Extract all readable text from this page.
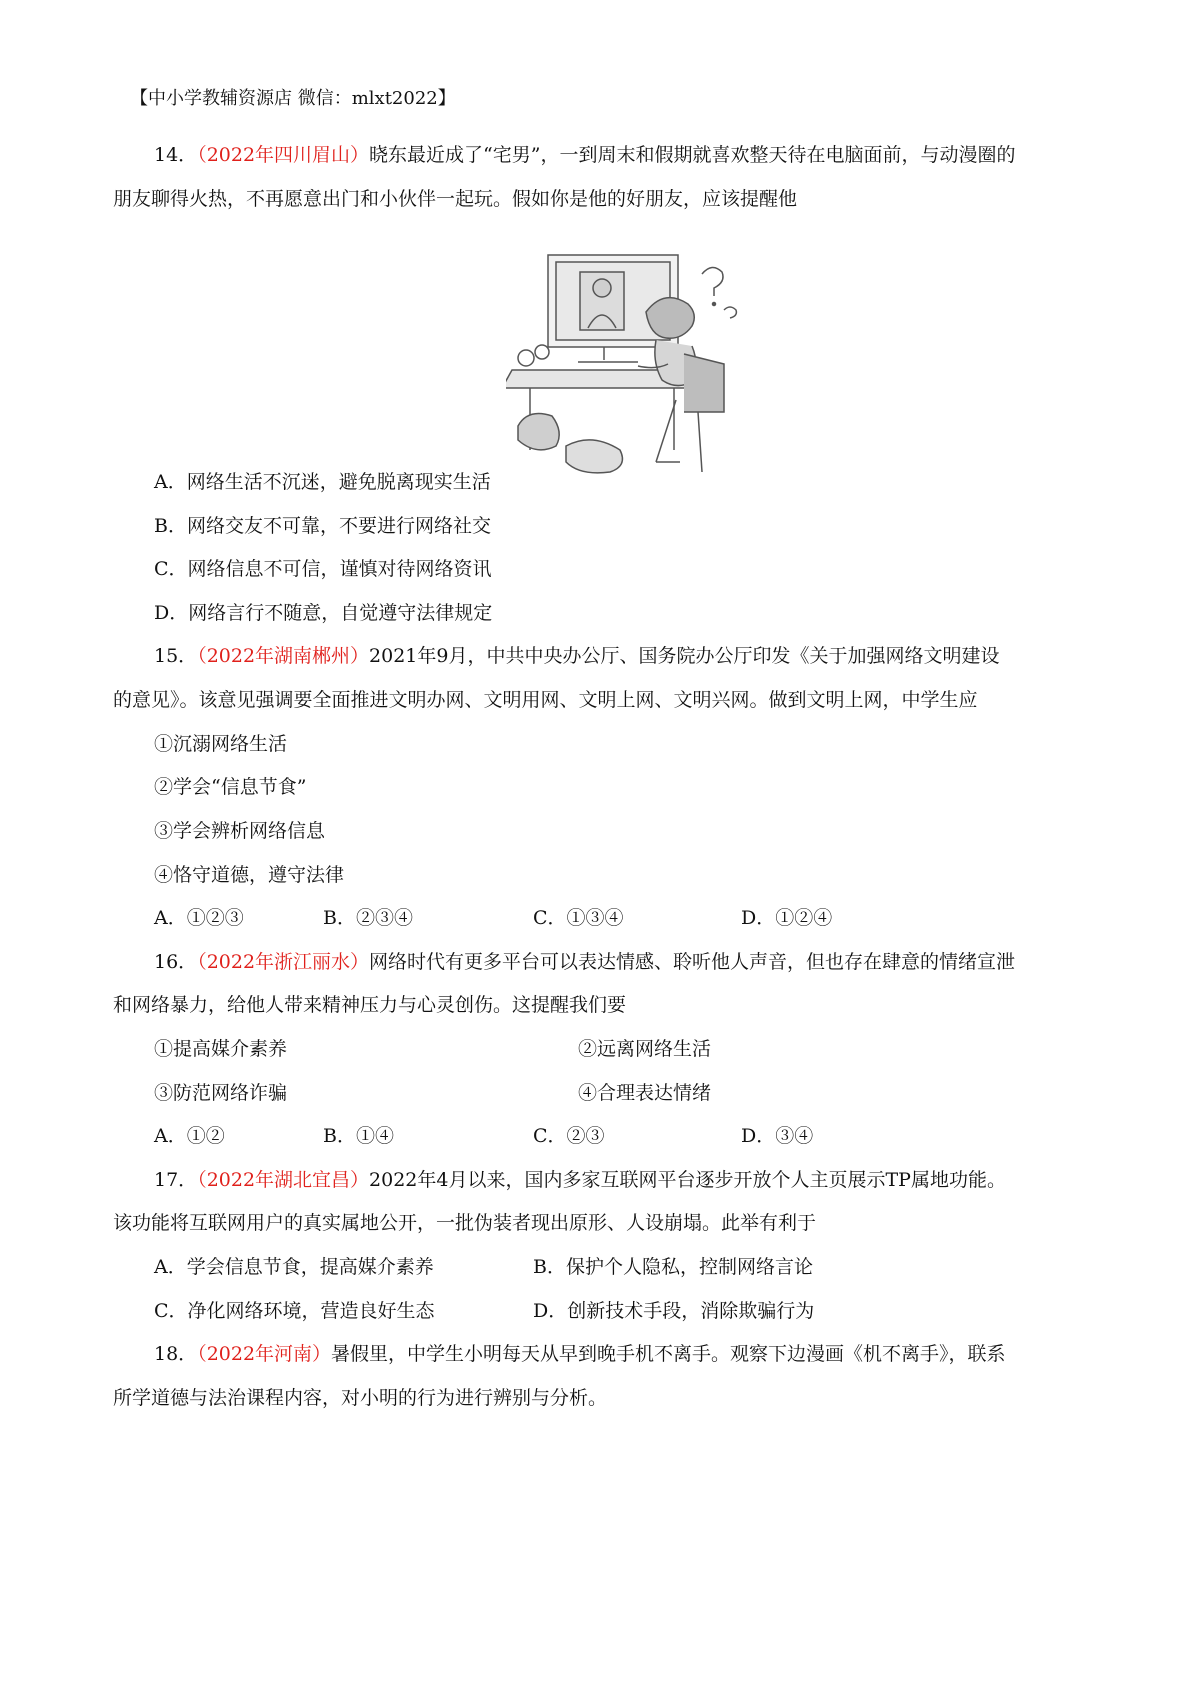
【中小学教辅资源店 微信：mlxt2022】
14．（2022年四川眉山）晓东最近成了“宅男”，一到周末和假期就喜欢整天待在电脑面前，与动漫圈的
朋友聊得火热，不再愿意出门和小伙伴一起玩。假如你是他的好朋友，应该提醒他
A．网络生活不沉迷，避免脱离现实生活
B．网络交友不可靠，不要进行网络社交
C．网络信息不可信，谨慎对待网络资讯
D．网络言行不随意，自觉遵守法律规定
15．（2022年湖南郴州）2021年9月，中共中央办公厅、国务院办公厅印发《关于加强网络文明建设
的意见》。该意见强调要全面推进文明办网、文明用网、文明上网、文明兴网。做到文明上网，中学生应
①沉溺网络生活
②学会“信息节食”
③学会辨析网络信息
④恪守道德，遵守法律
A．①②③	B．②③④	C．①③④	D．①②④
16．（2022年浙江丽水）网络时代有更多平台可以表达情感、聆听他人声音，但也存在肆意的情绪宣泄
和网络暴力，给他人带来精神压力与心灵创伤。这提醒我们要
①提高媒介素养	②远离网络生活
③防范网络诈骗	④合理表达情绪
A．①②	B．①④	C．②③	D．③④
17．（2022年湖北宜昌）2022年4月以来，国内多家互联网平台逐步开放个人主页展示TP属地功能。
该功能将互联网用户的真实属地公开，一批伪装者现出原形、人设崩塌。此举有利于
A．学会信息节食，提高媒介素养	B．保护个人隐私，控制网络言论
C．净化网络环境，营造良好生态	D．创新技术手段，消除欺骗行为
18．（2022年河南）暑假里，中学生小明每天从早到晚手机不离手。观察下边漫画《机不离手》，联系
所学道德与法治课程内容，对小明的行为进行辨别与分析。
